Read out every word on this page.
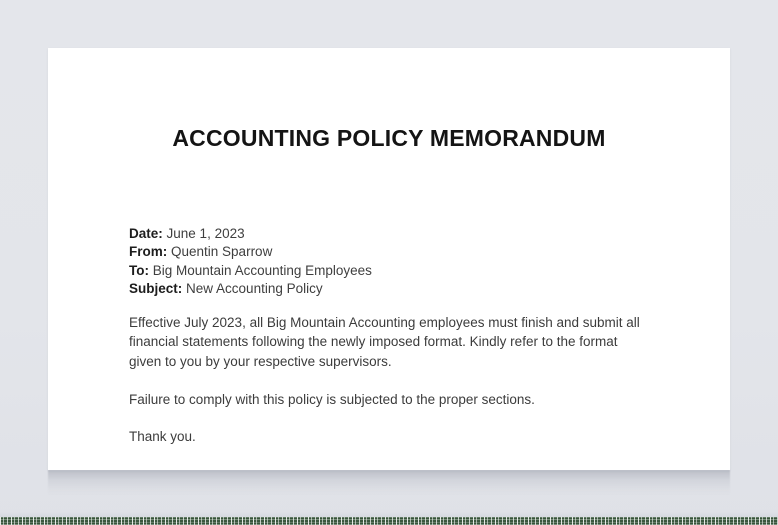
ACCOUNTING POLICY MEMORANDUM
Date: June 1, 2023
From: Quentin Sparrow
To: Big Mountain Accounting Employees
Subject: New Accounting Policy
Effective July 2023, all Big Mountain Accounting employees must finish and submit all financial statements following the newly imposed format. Kindly refer to the format given to you by your respective supervisors.
Failure to comply with this policy is subjected to the proper sections.
Thank you.
